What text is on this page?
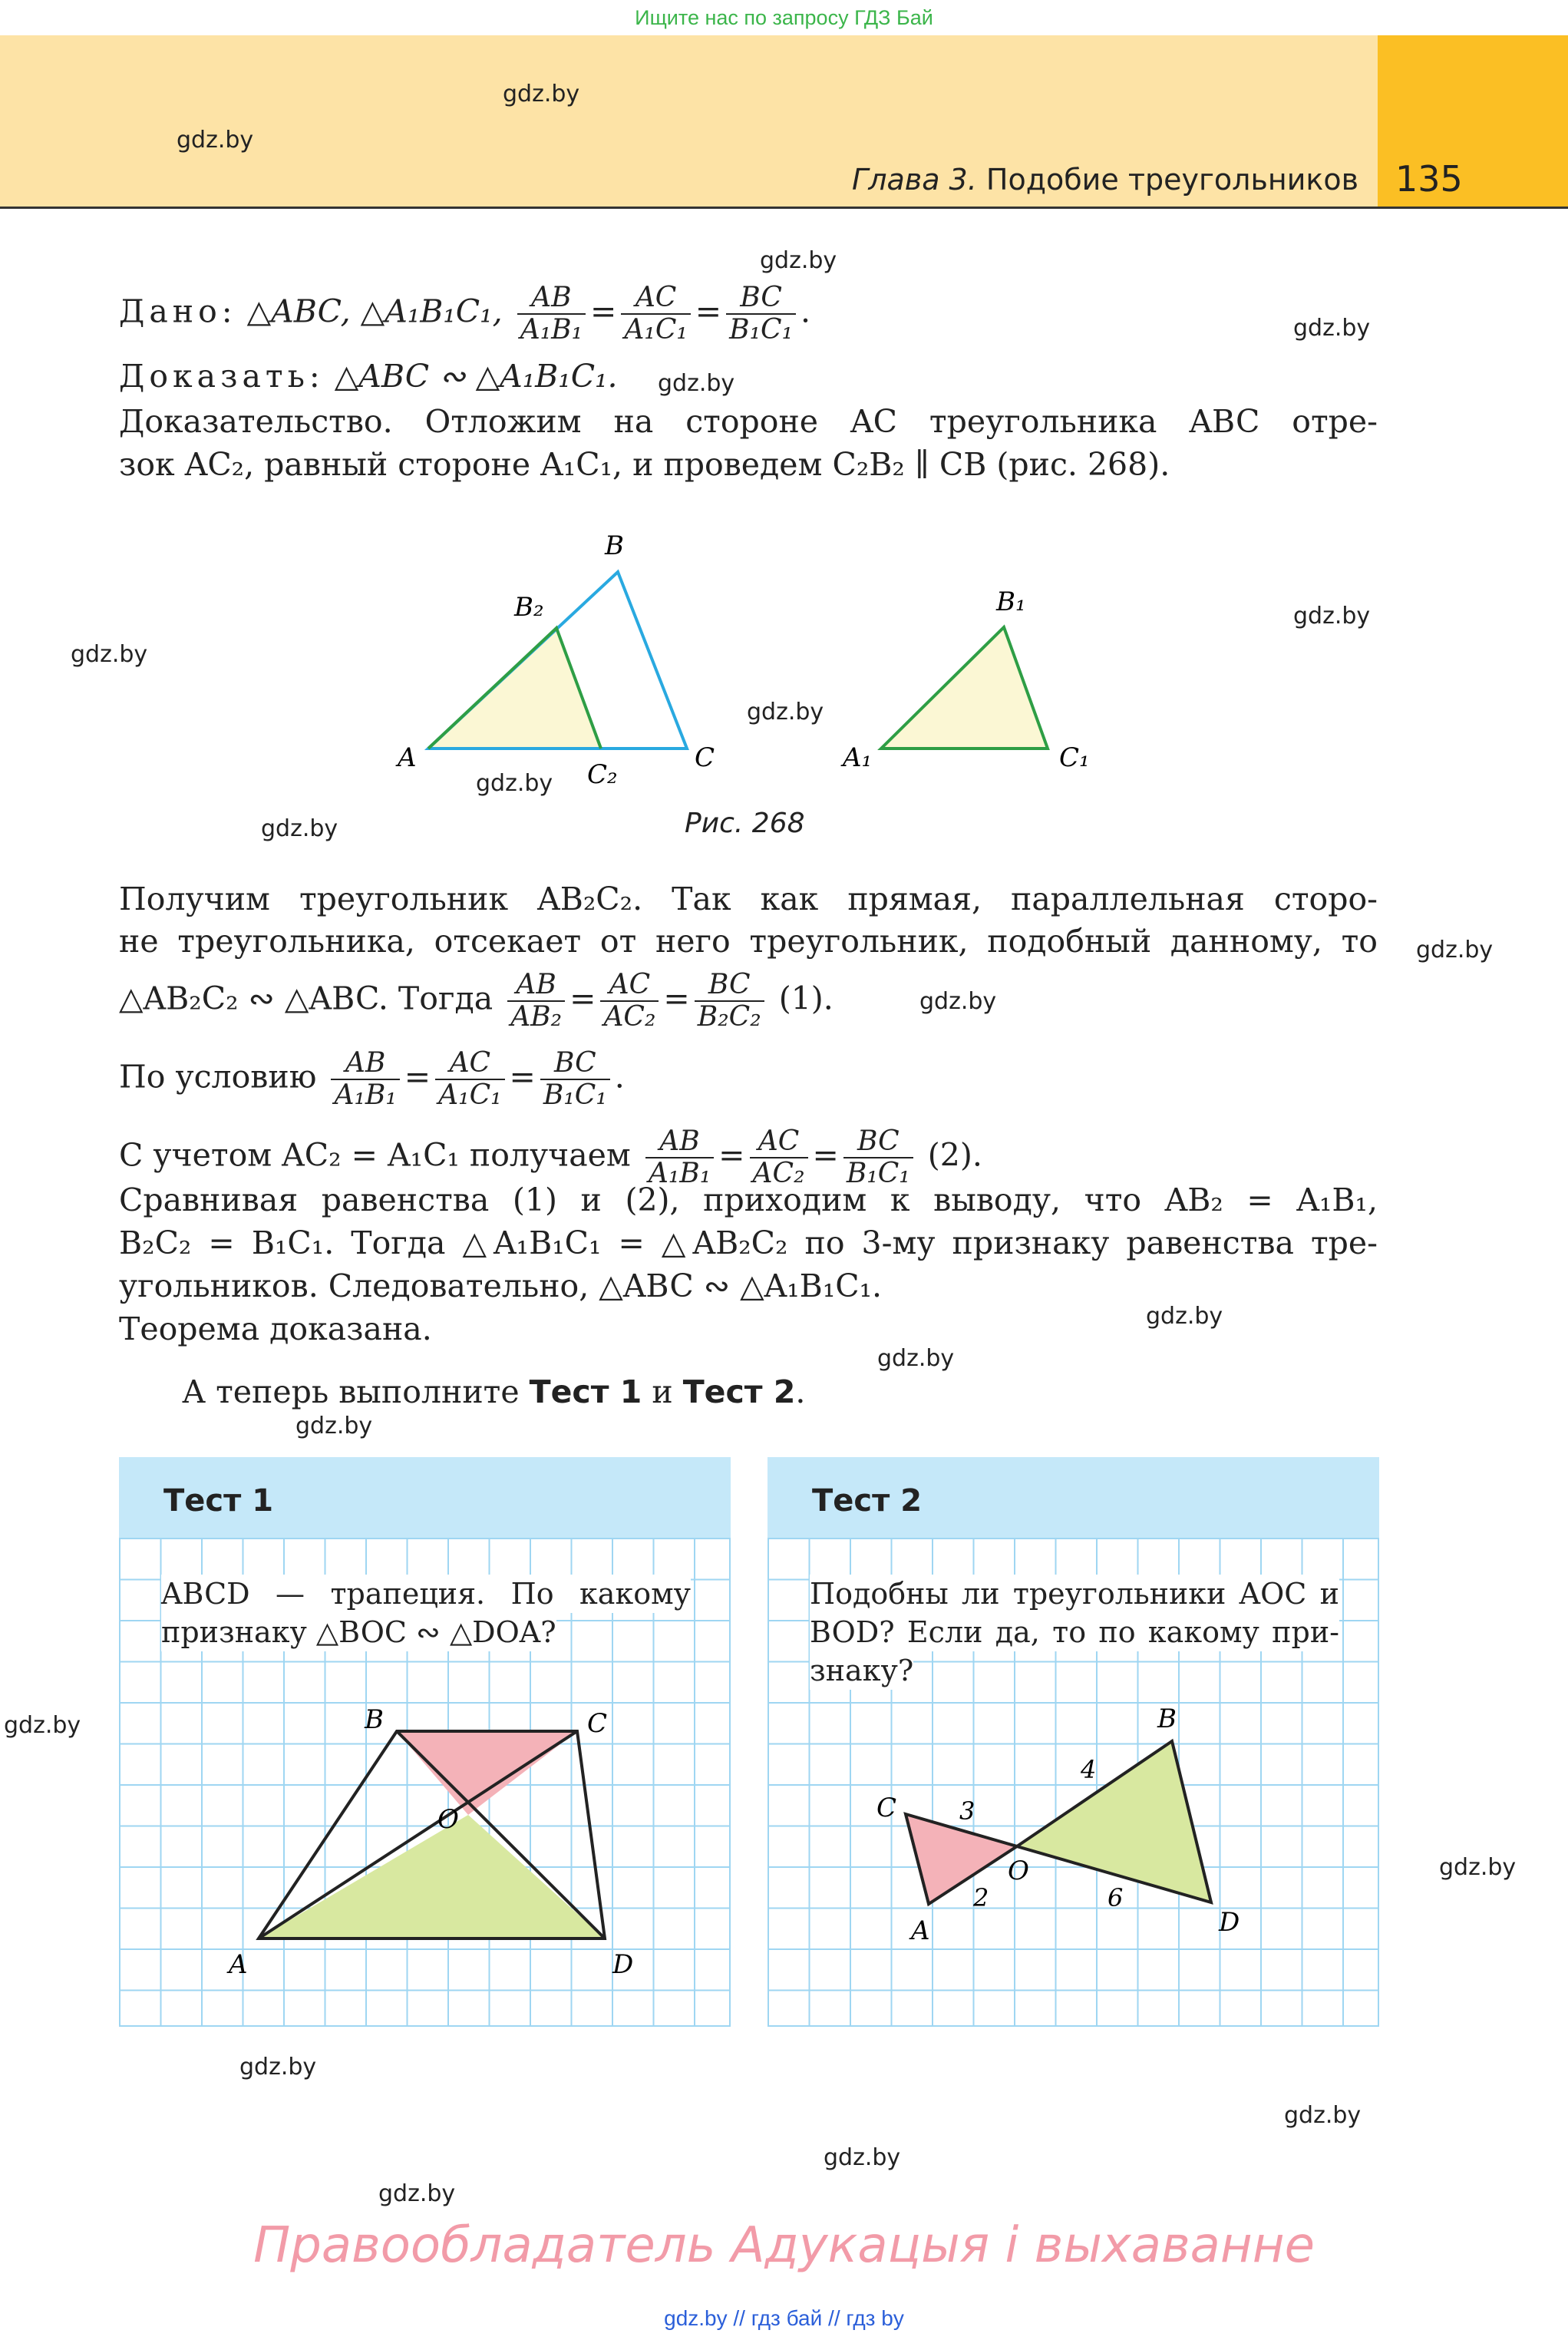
Ищите нас по запросу ГДЗ Бай
Глава 3. Подобие треугольников 135
gdz.by
gdz.by
gdz.by
gdz.by
gdz.by
gdz.by
gdz.by
gdz.by
gdz.by
gdz.by
gdz.by
gdz.by
gdz.by
gdz.by
gdz.by
gdz.by
gdz.by
gdz.by
gdz.by
gdz.by
gdz.by
Дано: △ABC, △A₁B₁C₁, $\frac{AB}{\text{A₁B₁}} = \frac{AC}{\text{A₁C₁}} = \frac{BC}{\text{B₁C₁}}$ .
Доказать: △ABC ∾ △A₁B₁C₁.
Доказательство. Отложим на стороне AC треугольника ABC отре-
зок AC₂, равный стороне A₁C₁, и проведем C₂B₂ ∥ CB (рис. 268).
A
B
C
B₂
C₂
A₁
B₁
C₁
Рис. 268
Получим треугольник AB₂C₂. Так как прямая, параллельная сторо-
не треугольника, отсекает от него треугольник, подобный данному, то
△AB₂C₂ ∾ △ABC. Тогда $\frac{AB}{\text{AB₂}} = \frac{AC}{\text{AC₂}} = \frac{BC}{\text{B₂C₂}} (1)$.
По условию $\frac{AB}{\text{A₁B₁}} = \frac{AC}{\text{A₁C₁}} = \frac{BC}{\text{B₁C₁}}$ .
С учетом AC₂ = A₁C₁ получаем $\frac{AB}{\text{A₁B₁}} = \frac{AC}{\text{AC₂}} = \frac{BC}{\text{B₁C₁}} (2)$.
Сравнивая равенства (1) и (2), приходим к выводу, что AB₂ = A₁B₁,
B₂C₂ = B₁C₁. Тогда △A₁B₁C₁ = △AB₂C₂ по 3-му признаку равенства тре-
угольников. Следовательно, △ABC ∾ △A₁B₁C₁.
Теорема доказана.
А теперь выполните Тест 1 и Тест 2.
Тест 1
ABCD — трапеция. По какому
признаку △BOC ∾ △DOA?
A
B	C
D
O
Тест 2
Подобны ли треугольники AOC и
BOD? Если да, то по какому при-
знаку?
C
A
B
D
O
3
2
4
6
Правообладатель Адукацыя і выхаванне
gdz.by // гдз бай // гдз by
